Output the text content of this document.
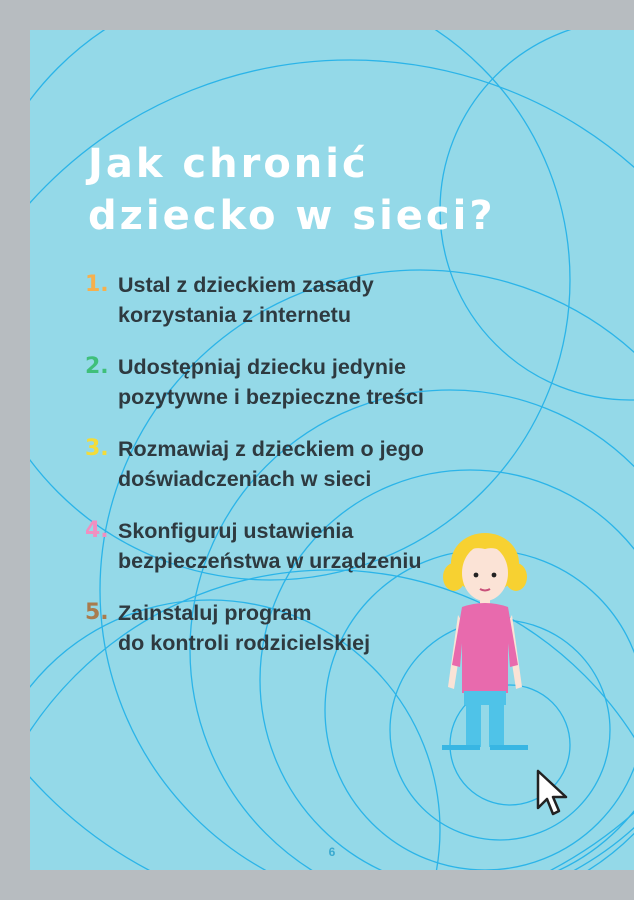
Jak chronić
dziecko w sieci?
1. Ustal z dzieckiem zasady
korzystania z internetu
2. Udostępniaj dziecku jedynie
pozytywne i bezpieczne treści
3. Rozmawiaj z dzieckiem o jego
doświadczeniach w sieci
4. Skonfiguruj ustawienia
bezpieczeństwa w urządzeniu
5. Zainstaluj program
do kontroli rodzicielskiej
6
